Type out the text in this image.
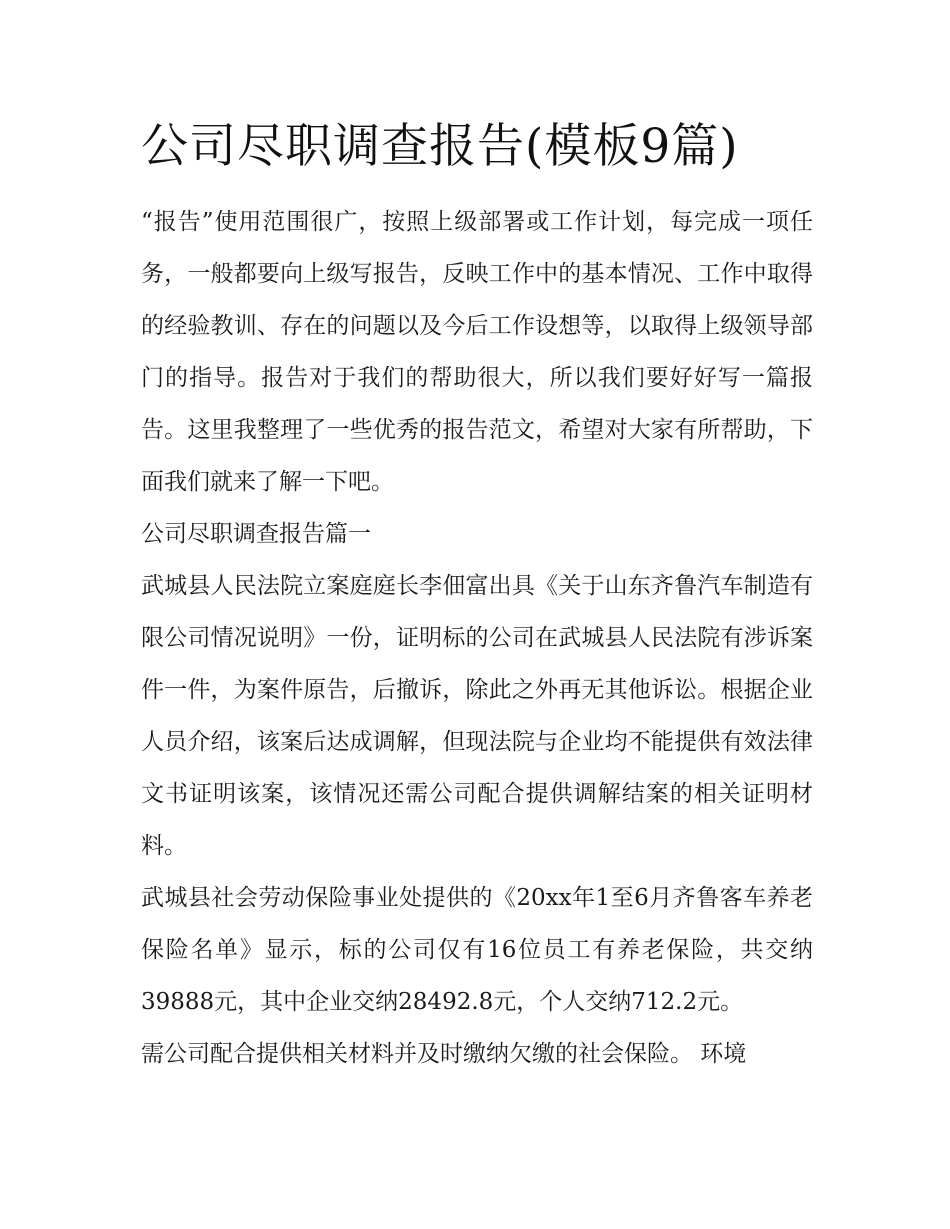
公司尽职调查报告(模板9篇)

“报告”使用范围很广，按照上级部署或工作计划，每完成一项任务，一般都要向上级写报告，反映工作中的基本情况、工作中取得的经验教训、存在的问题以及今后工作设想等，以取得上级领导部门的指导。报告对于我们的帮助很大，所以我们要好好写一篇报告。这里我整理了一些优秀的报告范文，希望对大家有所帮助，下面我们就来了解一下吧。

公司尽职调查报告篇一

武城县人民法院立案庭庭长李佃富出具《关于山东齐鲁汽车制造有限公司情况说明》一份，证明标的公司在武城县人民法院有涉诉案件一件，为案件原告，后撤诉，除此之外再无其他诉讼。根据企业人员介绍，该案后达成调解，但现法院与企业均不能提供有效法律文书证明该案，该情况还需公司配合提供调解结案的相关证明材料。

武城县社会劳动保险事业处提供的《20xx年1至6月齐鲁客车养老保险名单》显示，标的公司仅有16位员工有养老保险，共交纳39888元，其中企业交纳28492.8元，个人交纳712.2元。

需公司配合提供相关材料并及时缴纳欠缴的社会保险。 环境
